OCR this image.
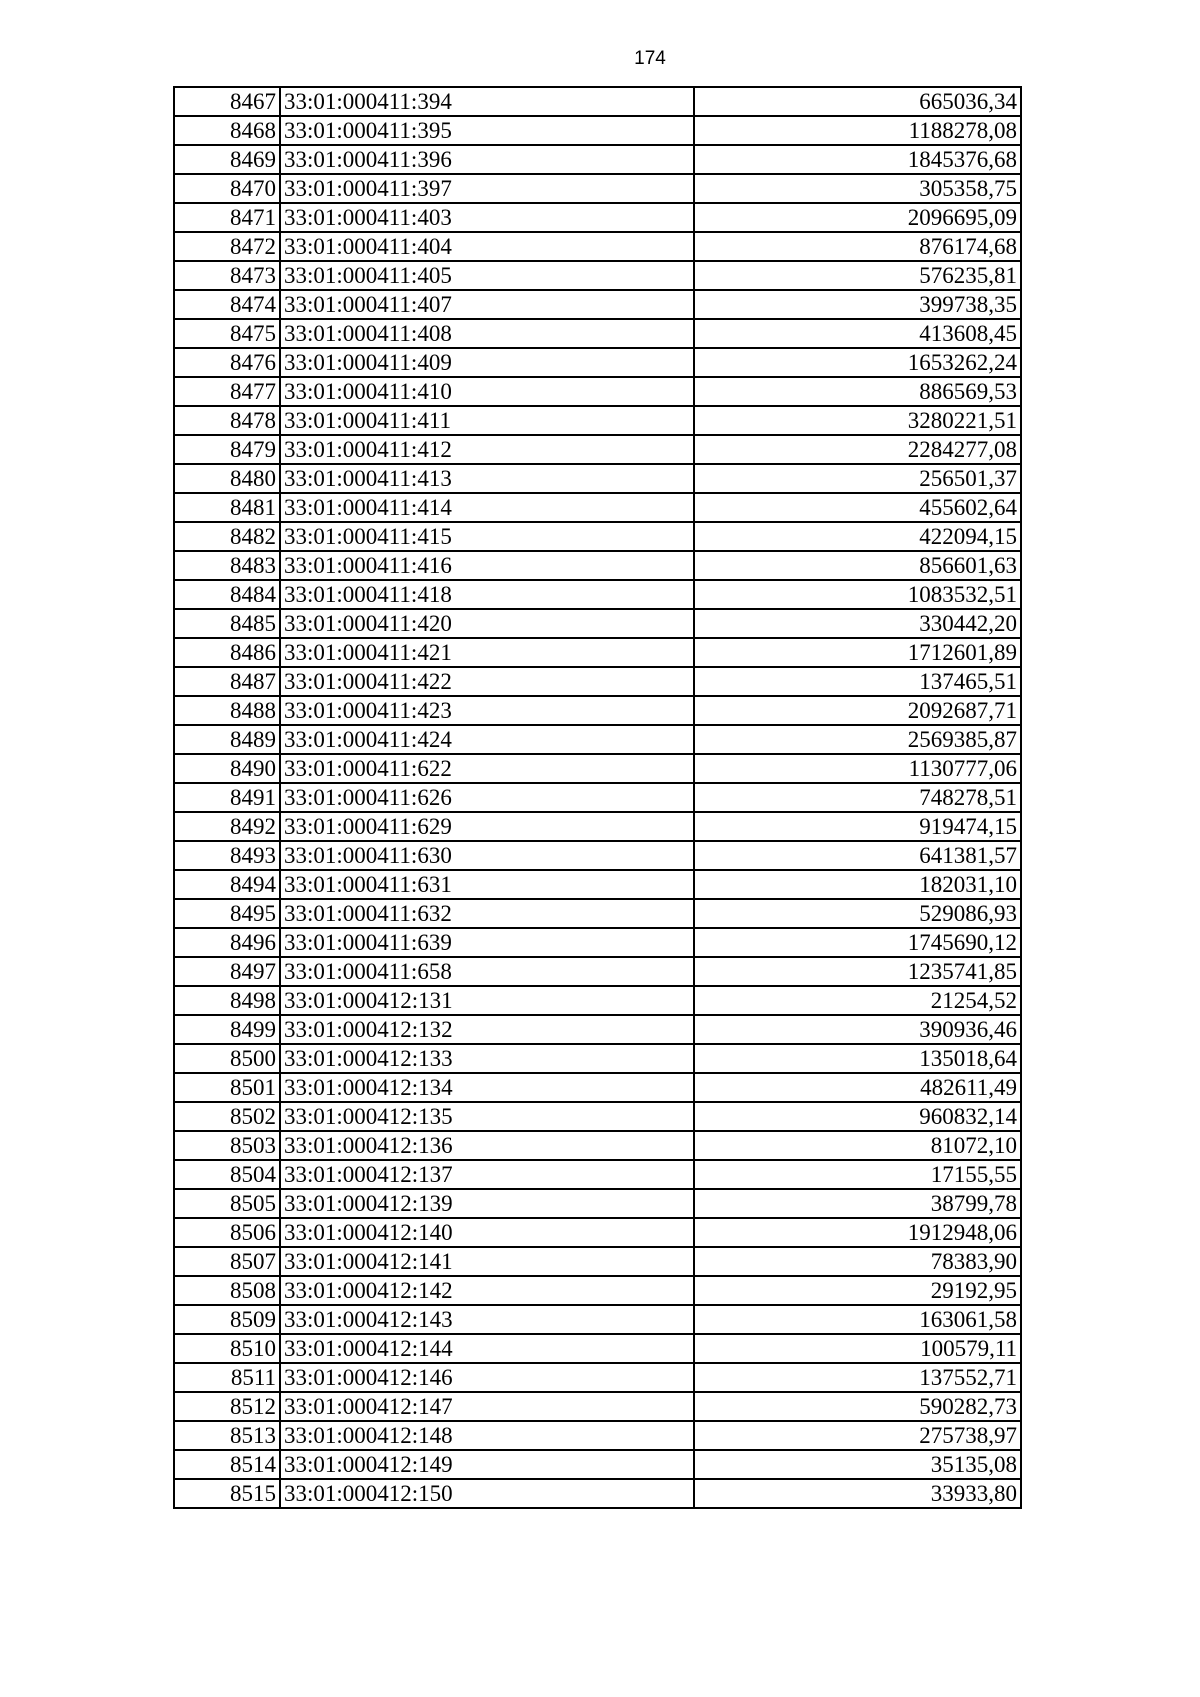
174
8467	33:01:000411:394	665036,34
8468	33:01:000411:395	1188278,08
8469	33:01:000411:396	1845376,68
8470	33:01:000411:397	305358,75
8471	33:01:000411:403	2096695,09
8472	33:01:000411:404	876174,68
8473	33:01:000411:405	576235,81
8474	33:01:000411:407	399738,35
8475	33:01:000411:408	413608,45
8476	33:01:000411:409	1653262,24
8477	33:01:000411:410	886569,53
8478	33:01:000411:411	3280221,51
8479	33:01:000411:412	2284277,08
8480	33:01:000411:413	256501,37
8481	33:01:000411:414	455602,64
8482	33:01:000411:415	422094,15
8483	33:01:000411:416	856601,63
8484	33:01:000411:418	1083532,51
8485	33:01:000411:420	330442,20
8486	33:01:000411:421	1712601,89
8487	33:01:000411:422	137465,51
8488	33:01:000411:423	2092687,71
8489	33:01:000411:424	2569385,87
8490	33:01:000411:622	1130777,06
8491	33:01:000411:626	748278,51
8492	33:01:000411:629	919474,15
8493	33:01:000411:630	641381,57
8494	33:01:000411:631	182031,10
8495	33:01:000411:632	529086,93
8496	33:01:000411:639	1745690,12
8497	33:01:000411:658	1235741,85
8498	33:01:000412:131	21254,52
8499	33:01:000412:132	390936,46
8500	33:01:000412:133	135018,64
8501	33:01:000412:134	482611,49
8502	33:01:000412:135	960832,14
8503	33:01:000412:136	81072,10
8504	33:01:000412:137	17155,55
8505	33:01:000412:139	38799,78
8506	33:01:000412:140	1912948,06
8507	33:01:000412:141	78383,90
8508	33:01:000412:142	29192,95
8509	33:01:000412:143	163061,58
8510	33:01:000412:144	100579,11
8511	33:01:000412:146	137552,71
8512	33:01:000412:147	590282,73
8513	33:01:000412:148	275738,97
8514	33:01:000412:149	35135,08
8515	33:01:000412:150	33933,80
